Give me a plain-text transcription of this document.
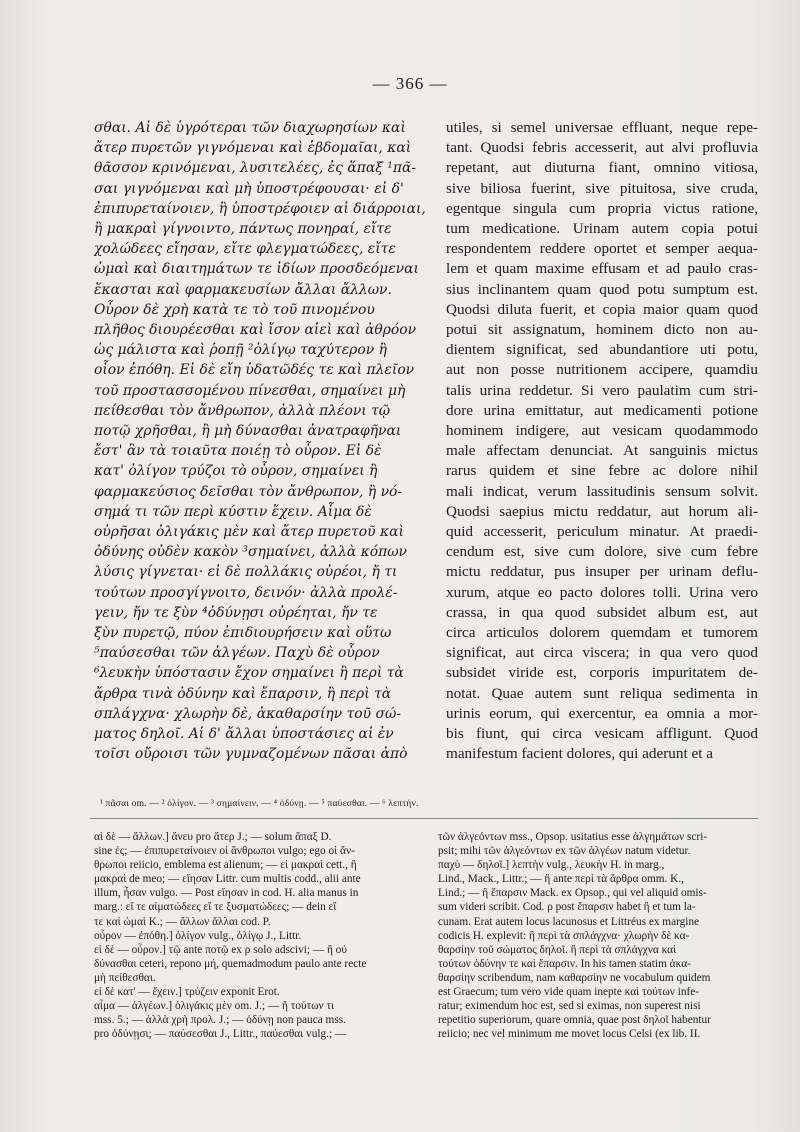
— 366 —
σθαι. Αἱ δὲ ὑγρότεραι τῶν διαχωρησίων καὶ
ἄτερ πυρετῶν γιγνόμεναι καὶ ἑβδομαῖαι, καὶ
θᾶσσον κρινόμεναι, λυσιτελέες, ἐς ἅπαξ ¹πᾶ-
σαι γιγνόμεναι καὶ μὴ ὑποστρέφουσαι· εἰ δ'
ἐπιπυρεταίνοιεν, ἢ ὑποστρέφοιεν αἱ διάρροιαι,
ἢ μακραὶ γίγνοιντο, πάντως πονηραί, εἴτε
χολώδεες εἴησαν, εἴτε φλεγματώδεες, εἴτε
ὠμαὶ καὶ διαιτημάτων τε ἰδίων προσδεόμεναι
ἕκασται καὶ φαρμακευσίων ἄλλαι ἄλλων.
Οὖρον δὲ χρὴ κατὰ τε τὸ τοῦ πινομένου
πλῆθος διουρέεσθαι καὶ ἴσον αἰεὶ καὶ ἀθρόον
ὡς μάλιστα καὶ ῥοπῇ ²ὀλίγῳ ταχύτερον ἢ
οἷον ἐπόθη. Εἰ δὲ εἴη ὑδατῶδές τε καὶ πλεῖον
τοῦ προστασσομένου πίνεσθαι, σημαίνει μὴ
πείθεσθαι τὸν ἄνθρωπον, ἀλλὰ πλέονι τῷ
ποτῷ χρῆσθαι, ἢ μὴ δύνασθαι ἀνατραφῆναι
ἔστ' ἂν τὰ τοιαῦτα ποιέῃ τὸ οὖρον. Εἰ δὲ
κατ' ὀλίγον τρύζοι τὸ οὖρον, σημαίνει ἢ
φαρμακεύσιος δεῖσθαι τὸν ἄνθρωπον, ἢ νό-
σημά τι τῶν περὶ κύστιν ἔχειν. Αἷμα δὲ
οὐρῆσαι ὀλιγάκις μὲν καὶ ἄτερ πυρετοῦ καὶ
ὀδύνης οὐδὲν κακὸν ³σημαίνει, ἀλλὰ κόπων
λύσις γίγνεται· εἰ δὲ πολλάκις οὐρέοι, ἤ τι
τούτων προσγίγνοιτο, δεινόν· ἀλλὰ προλέ-
γειν, ἤν τε ξὺν ⁴ὀδύνῃσι οὐρέηται, ἤν τε
ξὺν πυρετῷ, πύον ἐπιδιουρήσειν καὶ οὕτω
⁵παύσεσθαι τῶν ἀλγέων. Παχὺ δὲ οὖρον
⁶λευκὴν ὑπόστασιν ἔχον σημαίνει ἢ περὶ τὰ
ἄρθρα τινὰ ὀδύνην καὶ ἔπαρσιν, ἢ περὶ τὰ
σπλάγχνα· χλωρὴν δὲ, ἀκαθαρσίην τοῦ σώ-
ματος δηλοῖ. Αἱ δ' ἄλλαι ὑποστάσιες αἱ ἐν
τοῖσι οὔροισι τῶν γυμναζομένων πᾶσαι ἀπὸ
utiles, si semel universae effluant, neque repe-
tant. Quodsi febris accesserit, aut alvi profluvia
repetant, aut diuturna fiant, omnino vitiosa,
sive biliosa fuerint, sive pituitosa, sive cruda,
egentque singula cum propria victus ratione,
tum medicatione. Urinam autem copia potui
respondentem reddere oportet et semper aequa-
lem et quam maxime effusam et ad paulo cras-
sius inclinantem quam quod potu sumptum est.
Quodsi diluta fuerit, et copia maior quam quod
potui sit assignatum, hominem dicto non au-
dientem significat, sed abundantiore uti potu,
aut non posse nutritionem accipere, quamdiu
talis urina reddetur. Si vero paulatim cum stri-
dore urina emittatur, aut medicamenti potione
hominem indigere, aut vesicam quodammodo
male affectam denunciat. At sanguinis mictus
rarus quidem et sine febre ac dolore nihil
mali indicat, verum lassitudinis sensum solvit.
Quodsi saepius mictu reddatur, aut horum ali-
quid accesserit, periculum minatur. At praedi-
cendum est, sive cum dolore, sive cum febre
mictu reddatur, pus insuper per urinam deflu-
xurum, atque eo pacto dolores tolli. Urina vero
crassa, in qua quod subsidet album est, aut
circa articulos dolorem quemdam et tumorem
significat, aut circa viscera; in qua vero quod
subsidet viride est, corporis impuritatem de-
notat. Quae autem sunt reliqua sedimenta in
urinis eorum, qui exercentur, ea omnia a mor-
bis fiunt, qui circa vesicam affligunt. Quod
manifestum facient dolores, qui aderunt et a
¹ πᾶσαι om. — ² ὀλίγον. — ³ σημαίνειν. — ⁴ ὀδύνῃ. — ⁵ παύεσθαι. — ⁶ λεπτήν.
αἱ δὲ — ἄλλων.] ἄνευ pro ἄτερ J.; — solum ἅπαξ D.
sine ἐς; — ἐπιπυρεταίνοιεν οἱ ἄνθρωποι vulgo; ego οἱ ἄν-
θρωποι reiicio, emblema est alienum; — εἰ μακραὶ cett., ἢ
μακραὶ de meo; — εἴησαν Littr. cum multis codd., alii ante
illum, ἦσαν vulgo. — Post εἴησαν in cod. H. alia manus in
marg.: εἴ τε αἱματώδεες εἴ τε ξυσματώδεες; — dein εἴ
τε καὶ ὠμαὶ K.; — ἄλλων ἄλλαι cod. P.
οὖρον — ἐπόθη.] ὀλίγον vulg., ὀλίγῳ J., Littr.
εἰ δὲ — οὖρον.] τῷ ante ποτῷ ex ρ solo adscivi; — ἢ οὐ
δύνασθαι ceteri, repono μή, quemadmodum paulo ante recte
μὴ πείθεσθαι.
εἰ δὲ κατ' — ἔχειν.] τρύζειν exponit Erot.
αἷμα — ἀλγέων.] ὀλιγάκις μὲν om. J.; — ἤ τούτων τι
mss. 5.; — ἀλλὰ χρὴ προλ. J.; — ὀδύνῃ non pauca mss.
pro ὀδύνῃσι; — παύσεσθαι J., Littr., παύεσθαι vulg.; —
τῶν ἀλγεόντων mss., Opsop. usitatius esse ἀλγημάτων scri-
psit; mihi τῶν ἀλγεόντων ex τῶν ἀλγέων natum videtur.
παχὺ — δηλοῖ.] λεπτὴν vulg., λευκὴν H. in marg.,
Lind., Mack., Littr.; — ἢ ante περὶ τὰ ἄρθρα omm. K.,
Lind.; — ἢ ἔπαρσιν Mack. ex Opsop., qui vel aliquid omis-
sum videri scribit. Cod. ρ post ἔπαρσιν habet ἢ et tum la-
cunam. Erat autem locus lacunosus et Littréus ex margine
codicis H. explevit: ἢ περὶ τὰ σπλάγχνα· χλωρὴν δὲ κα-
θαρσίην τοῦ σώματος δηλοῖ. ἢ περὶ τὰ σπλάγχνα καὶ
τούτων ὀδύνην τε καὶ ἔπαρσιν. In his tamen statim ἀκα-
θαρσίην scribendum, nam καθαρσίην ne vocabulum quidem
est Graecum; tum vero vide quam inepte καὶ τούτων infe-
ratur; eximendum hoc est, sed si eximas, non superest nisi
repetitio superiorum, quare omnia, quae post δηλοῖ habentur
reiicio; nec vel minimum me movet locus Celsi (ex lib. II.
